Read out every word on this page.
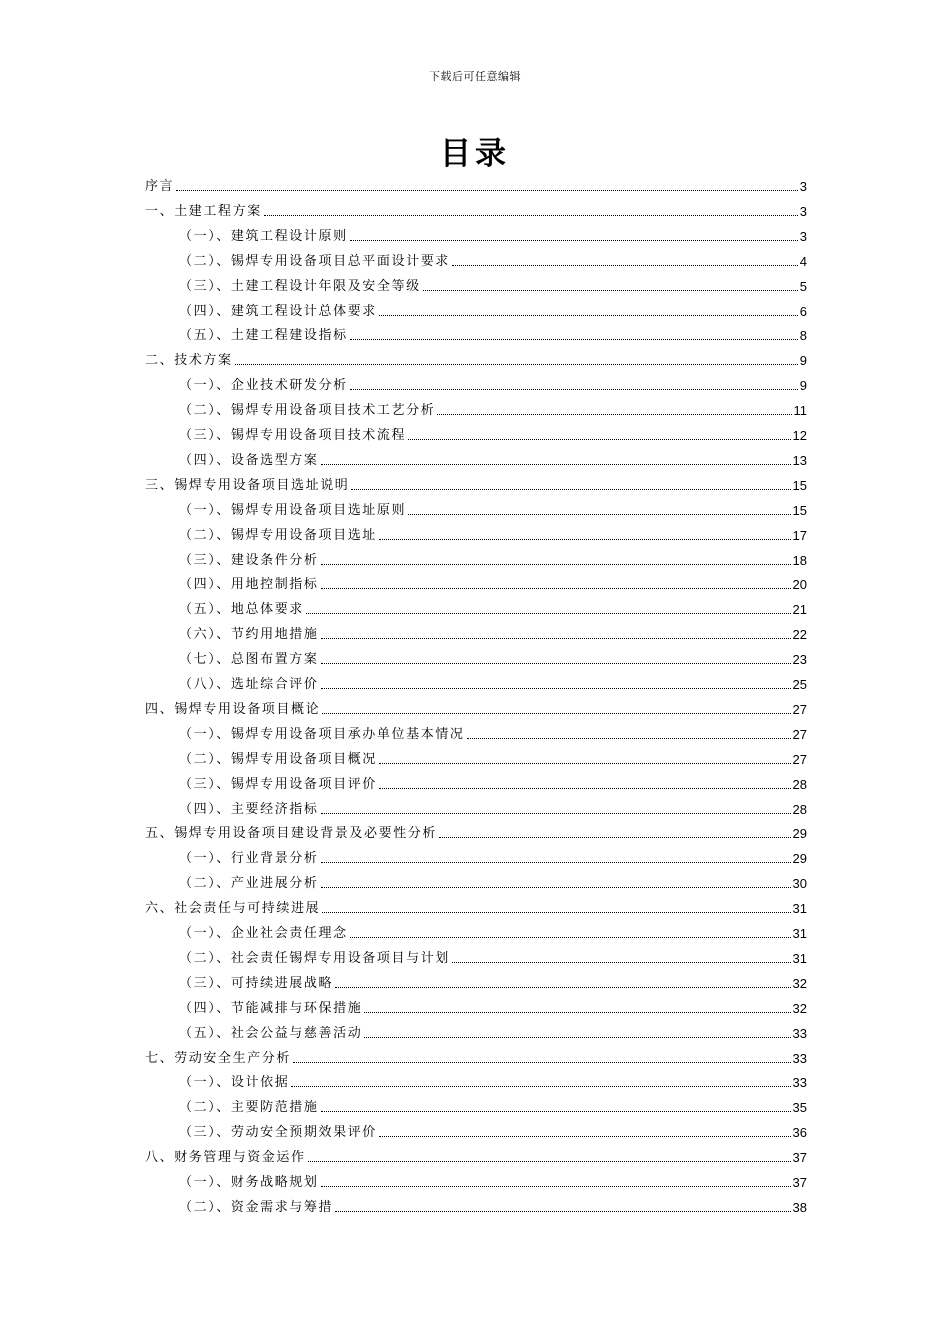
下载后可任意编辑
目录
序言	3
一、土建工程方案	3
（一）、建筑工程设计原则	3
（二）、锡焊专用设备项目总平面设计要求	4
（三）、土建工程设计年限及安全等级	5
（四）、建筑工程设计总体要求	6
（五）、土建工程建设指标	8
二、技术方案	9
（一）、企业技术研发分析	9
（二）、锡焊专用设备项目技术工艺分析	11
（三）、锡焊专用设备项目技术流程	12
（四）、设备选型方案	13
三、锡焊专用设备项目选址说明	15
（一）、锡焊专用设备项目选址原则	15
（二）、锡焊专用设备项目选址	17
（三）、建设条件分析	18
（四）、用地控制指标	20
（五）、地总体要求	21
（六）、节约用地措施	22
（七）、总图布置方案	23
（八）、选址综合评价	25
四、锡焊专用设备项目概论	27
（一）、锡焊专用设备项目承办单位基本情况	27
（二）、锡焊专用设备项目概况	27
（三）、锡焊专用设备项目评价	28
（四）、主要经济指标	28
五、锡焊专用设备项目建设背景及必要性分析	29
（一）、行业背景分析	29
（二）、产业进展分析	30
六、社会责任与可持续进展	31
（一）、企业社会责任理念	31
（二）、社会责任锡焊专用设备项目与计划	31
（三）、可持续进展战略	32
（四）、节能减排与环保措施	32
（五）、社会公益与慈善活动	33
七、劳动安全生产分析	33
（一）、设计依据	33
（二）、主要防范措施	35
（三）、劳动安全预期效果评价	36
八、财务管理与资金运作	37
（一）、财务战略规划	37
（二）、资金需求与筹措	38
